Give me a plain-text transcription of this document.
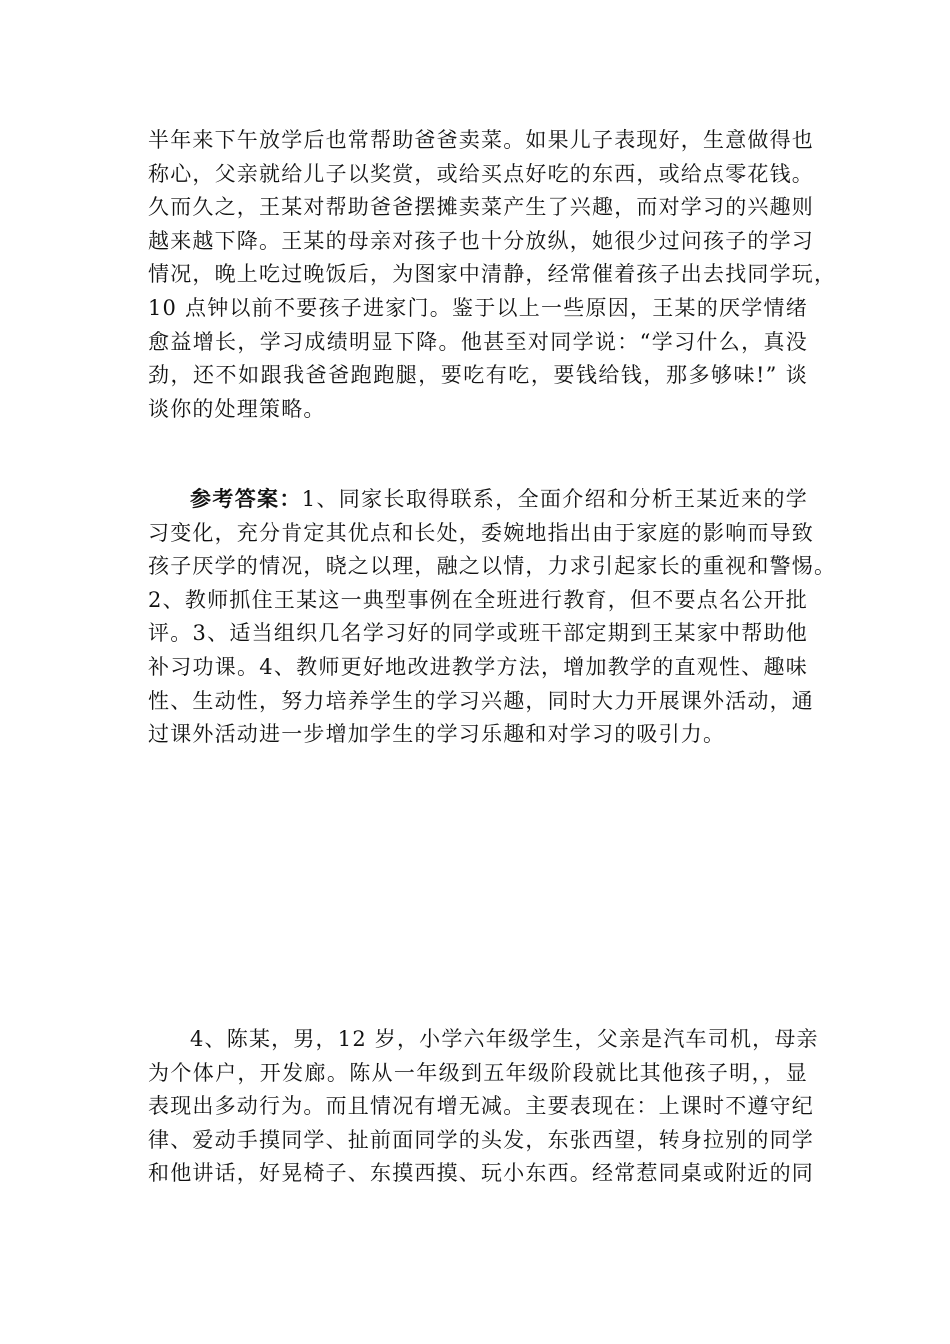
半年来下午放学后也常帮助爸爸卖菜。如果儿子表现好，生意做得也
称心，父亲就给儿子以奖赏，或给买点好吃的东西，或给点零花钱。
久而久之，王某对帮助爸爸摆摊卖菜产生了兴趣，而对学习的兴趣则
越来越下降。王某的母亲对孩子也十分放纵，她很少过问孩子的学习
情况，晚上吃过晚饭后，为图家中清静，经常催着孩子出去找同学玩，
10 点钟以前不要孩子进家门。鉴于以上一些原因，王某的厌学情绪
愈益增长，学习成绩明显下降。他甚至对同学说：“学习什么，真没
劲，还不如跟我爸爸跑跑腿，要吃有吃，要钱给钱，那多够味!” 谈
谈你的处理策略。
参考答案：1、同家长取得联系，全面介绍和分析王某近来的学
习变化，充分肯定其优点和长处，委婉地指出由于家庭的影响而导致
孩子厌学的情况，晓之以理，融之以情，力求引起家长的重视和警惕。
2、教师抓住王某这一典型事例在全班进行教育，但不要点名公开批
评。3、适当组织几名学习好的同学或班干部定期到王某家中帮助他
补习功课。4、教师更好地改进教学方法，增加教学的直观性、趣味
性、生动性，努力培养学生的学习兴趣，同时大力开展课外活动，通
过课外活动进一步增加学生的学习乐趣和对学习的吸引力。
4、陈某，男，12 岁，小学六年级学生，父亲是汽车司机，母亲
为个体户，开发廊。陈从一年级到五年级阶段就比其他孩子明，，显
表现出多动行为。而且情况有增无减。主要表现在：上课时不遵守纪
律、爱动手摸同学、扯前面同学的头发，东张西望，转身拉别的同学
和他讲话，好晃椅子、东摸西摸、玩小东西。经常惹同桌或附近的同
